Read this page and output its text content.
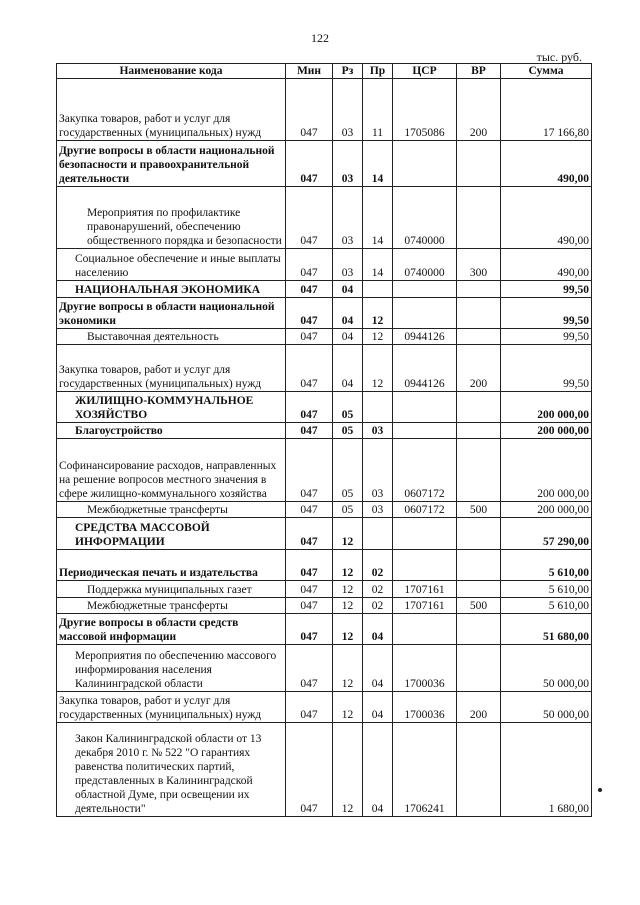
122
тыс. руб.
Наименование кода	Мин	Рз	Пр	ЦСР	ВР	Сумма
Закупка товаров, работ и услуг для государственных (муниципальных) нужд	047	03	11	1705086	200	17 166,80
Другие вопросы в области национальной безопасности и правоохранительной деятельности	047	03	14			490,00
Мероприятия по профилактике правонарушений, обеспечению общественного порядка и безопасности	047	03	14	0740000		490,00
Социальное обеспечение и иные выплаты населению	047	03	14	0740000	300	490,00
НАЦИОНАЛЬНАЯ ЭКОНОМИКА	047	04				99,50
Другие вопросы в области национальной экономики	047	04	12			99,50
Выставочная деятельность	047	04	12	0944126		99,50
Закупка товаров, работ и услуг для государственных (муниципальных) нужд	047	04	12	0944126	200	99,50
ЖИЛИЩНО-КОММУНАЛЬНОЕ ХОЗЯЙСТВО	047	05				200 000,00
Благоустройство	047	05	03			200 000,00
Софинансирование расходов, направленных на решение вопросов местного значения в сфере жилищно-коммунального хозяйства	047	05	03	0607172		200 000,00
Межбюджетные трансферты	047	05	03	0607172	500	200 000,00
СРЕДСТВА МАССОВОЙ ИНФОРМАЦИИ	047	12				57 290,00
Периодическая печать и издательства	047	12	02			5 610,00
Поддержка муниципальных газет	047	12	02	1707161		5 610,00
Межбюджетные трансферты	047	12	02	1707161	500	5 610,00
Другие вопросы в области средств массовой информации	047	12	04			51 680,00
Мероприятия по обеспечению массового информирования населения Калининградской области	047	12	04	1700036		50 000,00
Закупка товаров, работ и услуг для государственных (муниципальных) нужд	047	12	04	1700036	200	50 000,00
Закон Калининградской области от 13 декабря 2010 г. № 522 "О гарантиях равенства политических партий, представленных в Калининградской областной Думе, при освещении их деятельности"	047	12	04	1706241		1 680,00
